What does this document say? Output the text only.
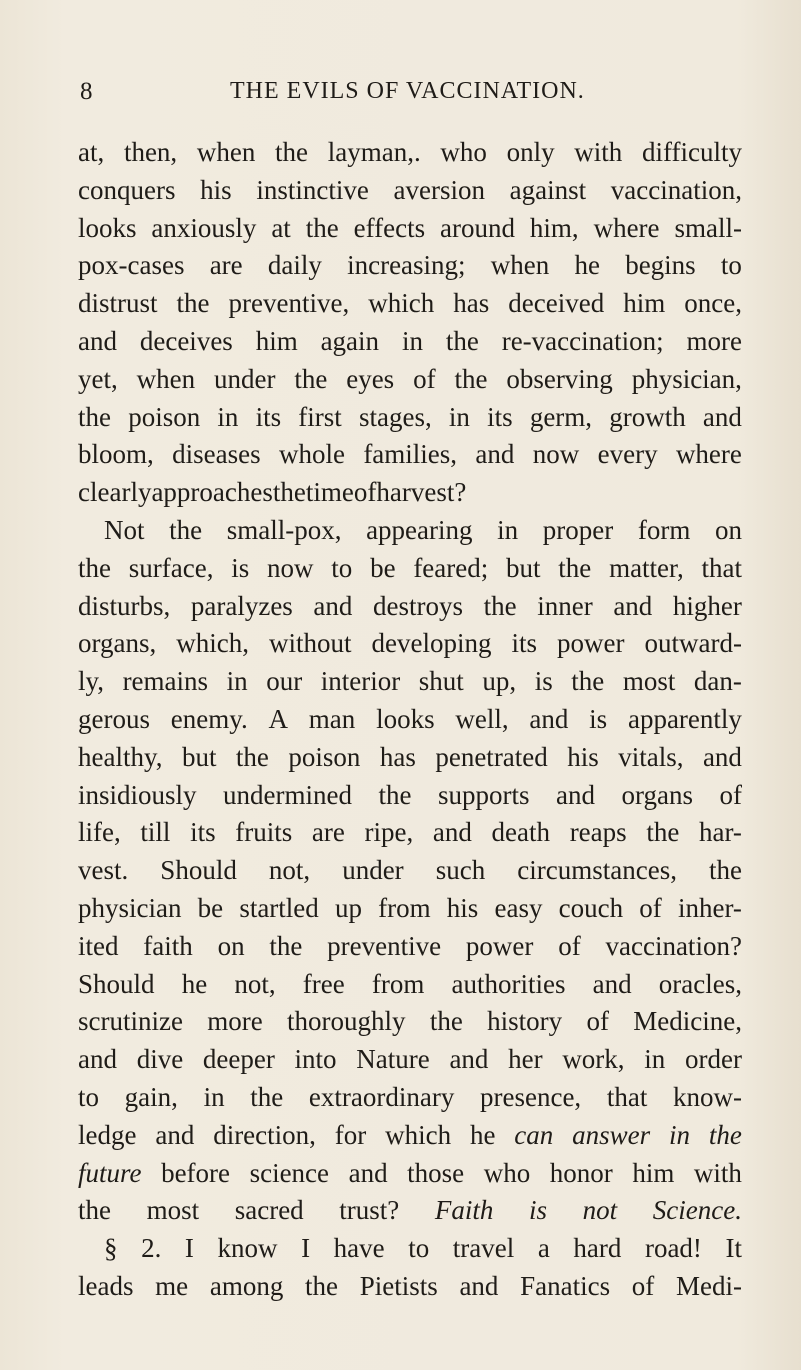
8	THE EVILS OF VACCINATION.
at, then, when the layman,. who only with difficulty
conquers his instinctive aversion against vaccination,
looks anxiously at the effects around him, where small-
pox-cases are daily increasing; when he begins to
distrust the preventive, which has deceived him once,
and deceives him again in the re-vaccination; more
yet, when under the eyes of the observing physician,
the poison in its first stages, in its germ, growth and
bloom, diseases whole families, and now every where
clearly approaches the time of harvest?
Not the small-pox, appearing in proper form on
the surface, is now to be feared; but the matter, that
disturbs, paralyzes and destroys the inner and higher
organs, which, without developing its power outward-
ly, remains in our interior shut up, is the most dan-
gerous enemy. A man looks well, and is apparently
healthy, but the poison has penetrated his vitals, and
insidiously undermined the supports and organs of
life, till its fruits are ripe, and death reaps the har-
vest. Should not, under such circumstances, the
physician be startled up from his easy couch of inher-
ited faith on the preventive power of vaccination?
Should he not, free from authorities and oracles,
scrutinize more thoroughly the history of Medicine,
and dive deeper into Nature and her work, in order
to gain, in the extraordinary presence, that know-
ledge and direction, for which he can answer in the
future before science and those who honor him with
the most sacred trust? Faith is not Science.
§ 2. I know I have to travel a hard road! It
leads me among the Pietists and Fanatics of Medi-
